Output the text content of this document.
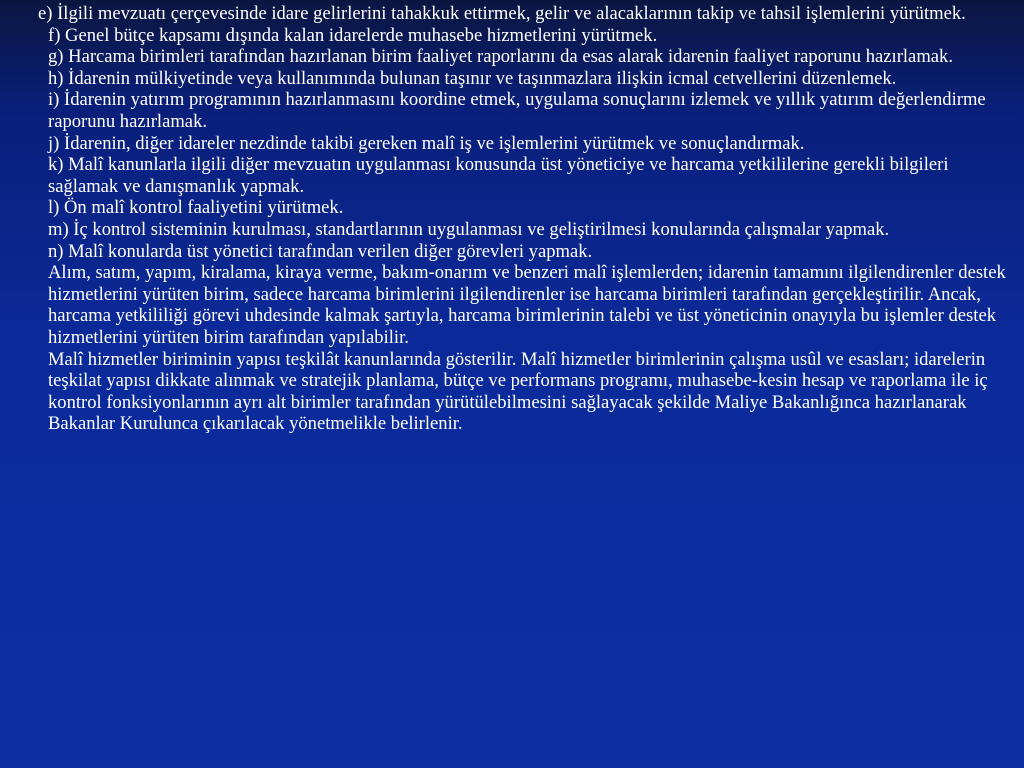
e) İlgili mevzuatı çerçevesinde idare gelirlerini tahakkuk ettirmek, gelir ve alacaklarının takip ve tahsil işlemlerini yürütmek.

f) Genel bütçe kapsamı dışında kalan idarelerde muhasebe hizmetlerini yürütmek.

g) Harcama birimleri tarafından hazırlanan birim faaliyet raporlarını da esas alarak idarenin faaliyet raporunu hazırlamak.

h) İdarenin mülkiyetinde veya kullanımında bulunan taşınır ve taşınmazlara ilişkin icmal cetvellerini düzenlemek.

i) İdarenin yatırım programının hazırlanmasını koordine etmek, uygulama sonuçlarını izlemek ve yıllık yatırım değerlendirme raporunu hazırlamak.

j) İdarenin, diğer idareler nezdinde takibi gereken malî iş ve işlemlerini yürütmek ve sonuçlandırmak.

k) Malî kanunlarla ilgili diğer mevzuatın uygulanması konusunda üst yöneticiye ve harcama yetkililerine gerekli bilgileri sağlamak ve danışmanlık yapmak.

l) Ön malî kontrol faaliyetini yürütmek.

m) İç kontrol sisteminin kurulması, standartlarının uygulanması ve geliştirilmesi konularında çalışmalar yapmak.

n) Malî konularda üst yönetici tarafından verilen diğer görevleri yapmak.

Alım, satım, yapım, kiralama, kiraya verme, bakım-onarım ve benzeri malî işlemlerden; idarenin tamamını ilgilendirenler destek hizmetlerini yürüten birim, sadece harcama birimlerini ilgilendirenler ise harcama birimleri tarafından gerçekleştirilir. Ancak, harcama yetkililiği görevi uhdesinde kalmak şartıyla, harcama birimlerinin talebi ve üst yöneticinin onayıyla bu işlemler destek hizmetlerini yürüten birim tarafından yapılabilir.

Malî hizmetler biriminin yapısı teşkilât kanunlarında gösterilir. Malî hizmetler birimlerinin çalışma usûl ve esasları; idarelerin teşkilat yapısı dikkate alınmak ve stratejik planlama, bütçe ve performans programı, muhasebe-kesin hesap ve raporlama ile iç kontrol fonksiyonlarının ayrı alt birimler tarafından yürütülebilmesini sağlayacak şekilde Maliye Bakanlığınca hazırlanarak Bakanlar Kurulunca çıkarılacak yönetmelikle belirlenir.
